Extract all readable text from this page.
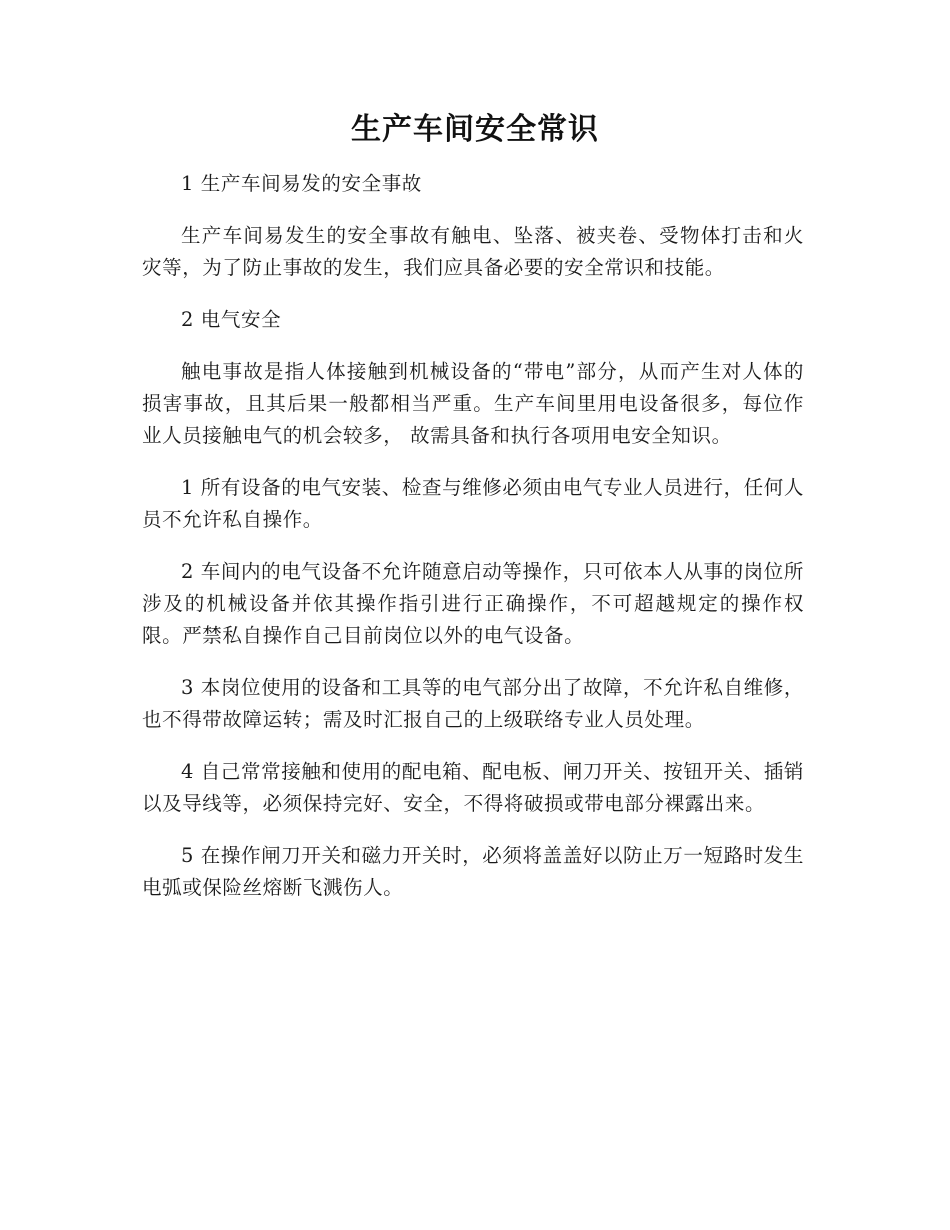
生产车间安全常识

1 生产车间易发的安全事故

生产车间易发生的安全事故有触电、坠落、被夹卷、受物体打击和火灾等，为了防止事故的发生，我们应具备必要的安全常识和技能。

2 电气安全

触电事故是指人体接触到机械设备的“带电”部分，从而产生对人体的损害事故，且其后果一般都相当严重。生产车间里用电设备很多，每位作业人员接触电气的机会较多， 故需具备和执行各项用电安全知识。

1 所有设备的电气安装、检查与维修必须由电气专业人员进行，任何人员不允许私自操作。

2 车间内的电气设备不允许随意启动等操作，只可依本人从事的岗位所涉及的机械设备并依其操作指引进行正确操作，不可超越规定的操作权限。严禁私自操作自己目前岗位以外的电气设备。

3 本岗位使用的设备和工具等的电气部分出了故障，不允许私自维修，也不得带故障运转；需及时汇报自己的上级联络专业人员处理。

4 自己常常接触和使用的配电箱、配电板、闸刀开关、按钮开关、插销以及导线等，必须保持完好、安全，不得将破损或带电部分裸露出来。

5 在操作闸刀开关和磁力开关时，必须将盖盖好以防止万一短路时发生电弧或保险丝熔断飞溅伤人。
